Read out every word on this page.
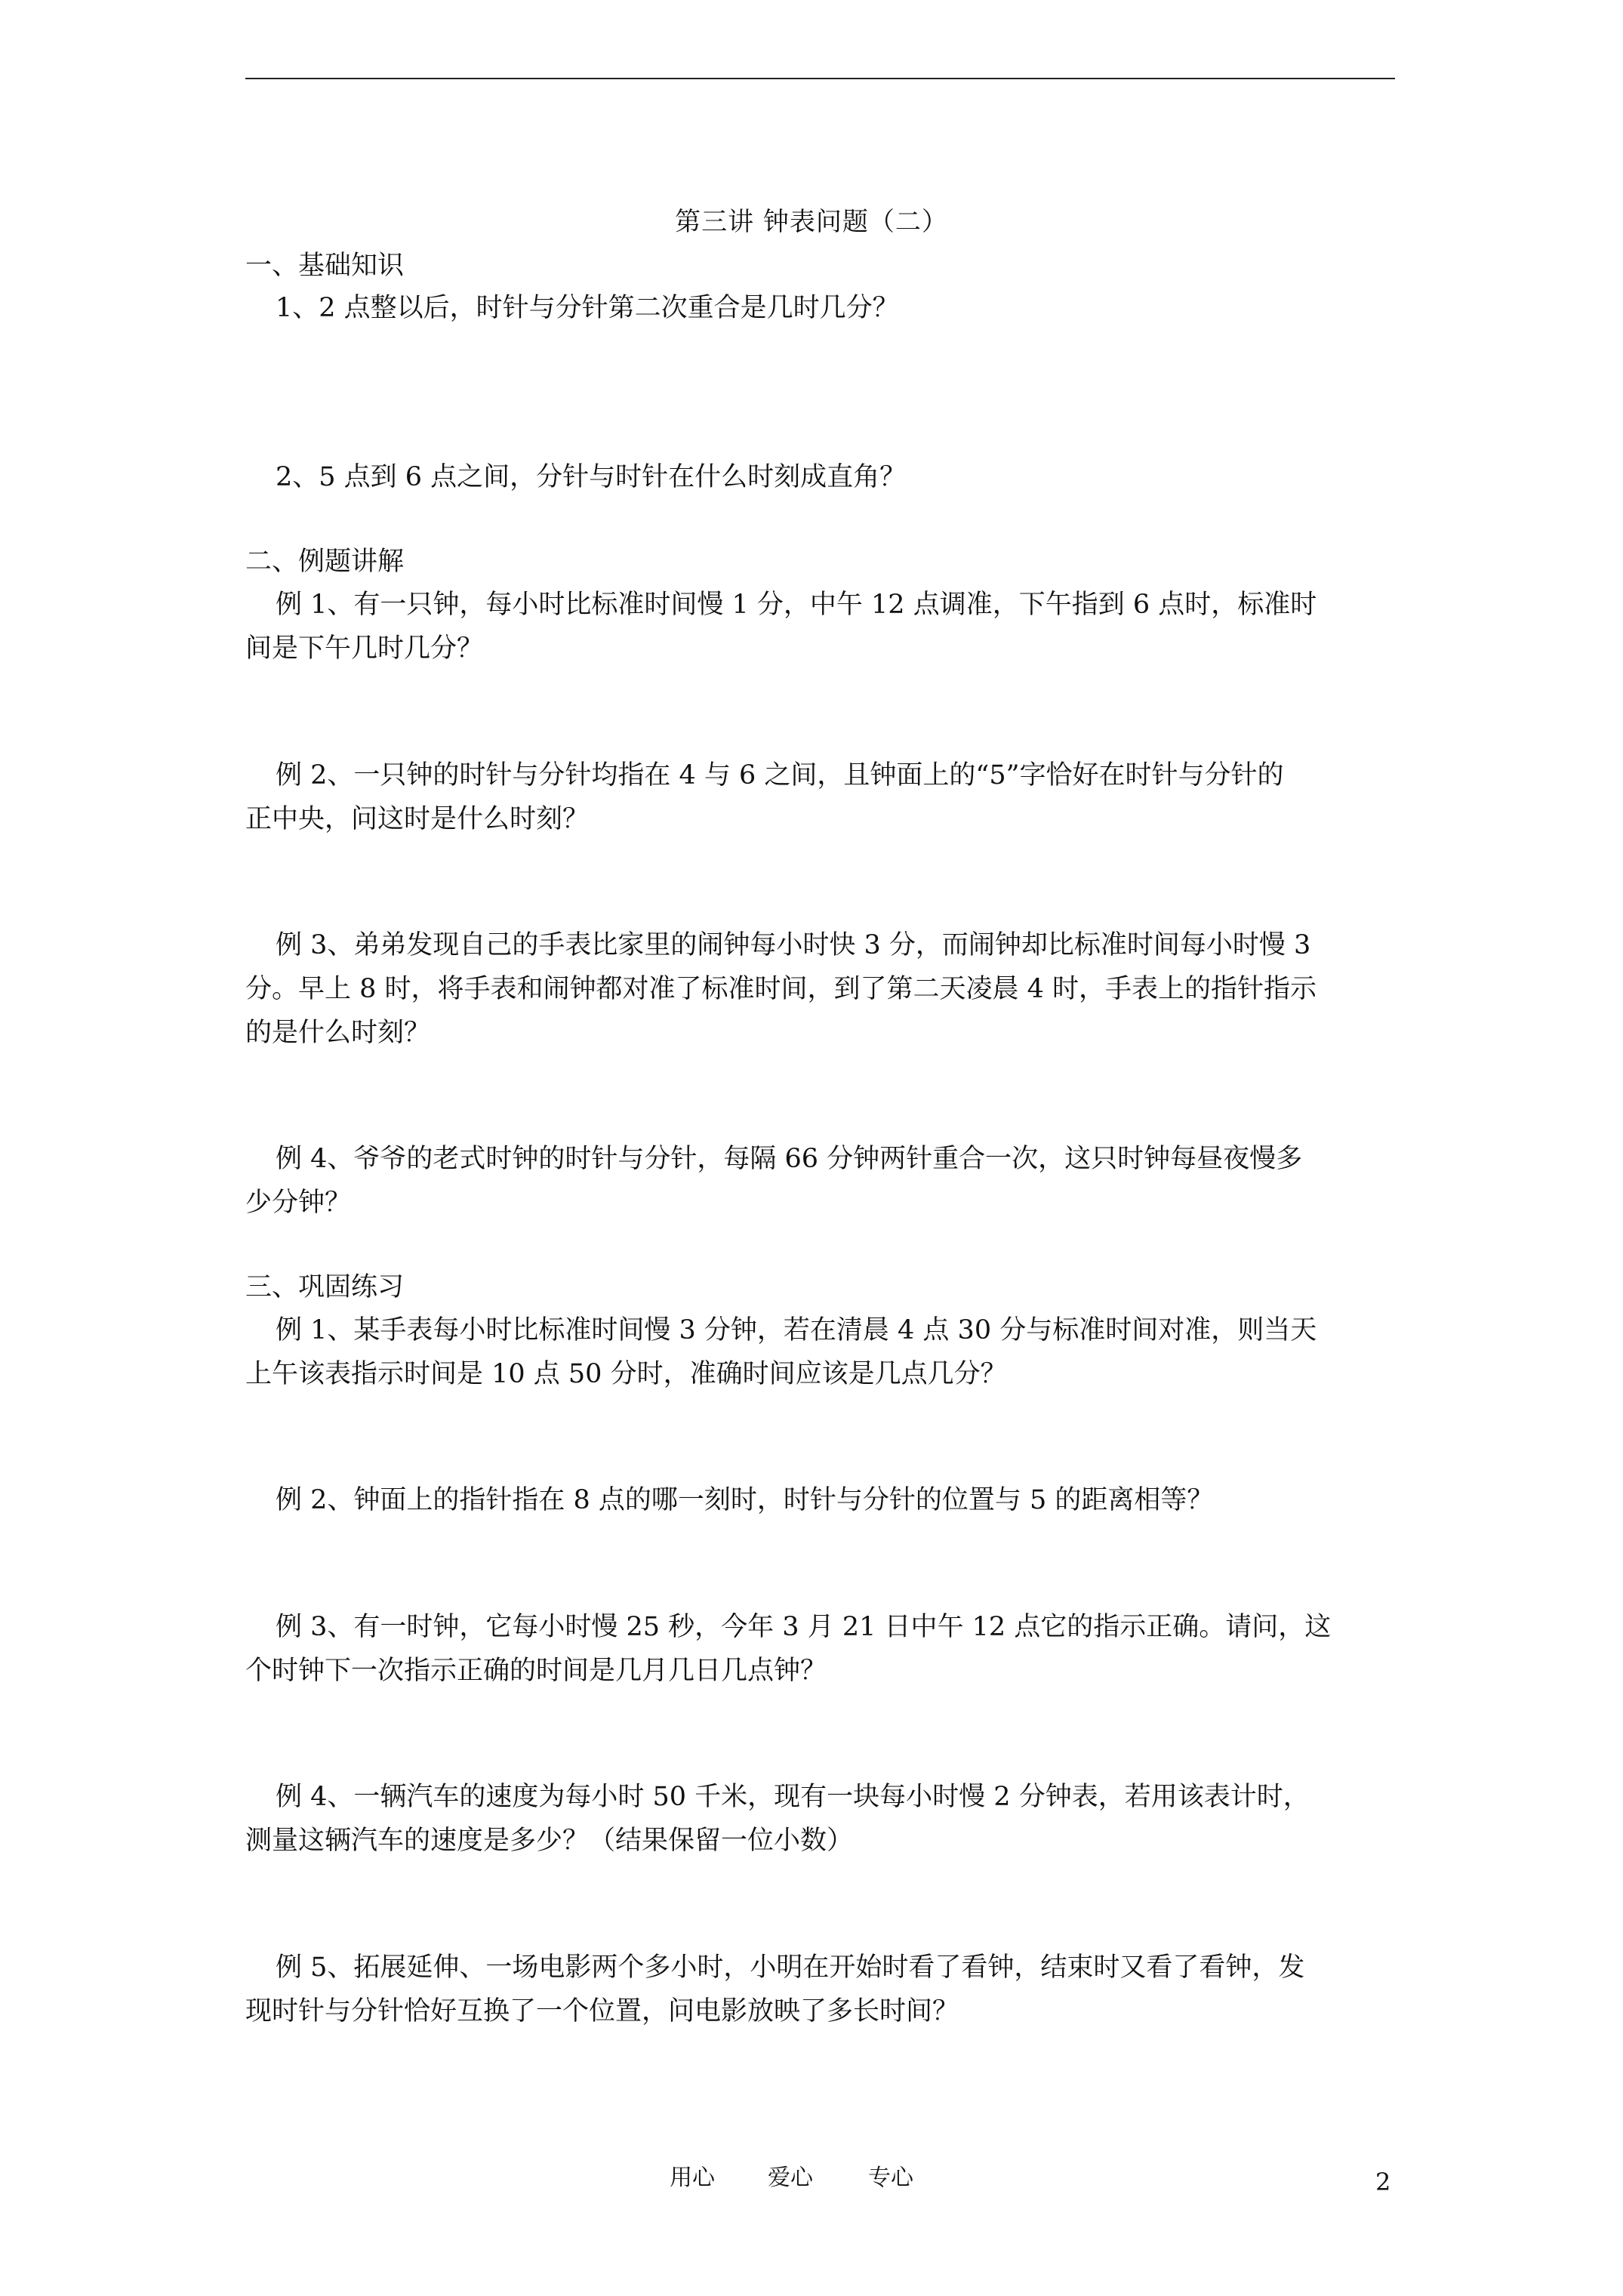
第三讲 钟表问题（二）
一、基础知识
1、2 点整以后，时针与分针第二次重合是几时几分？
2、5 点到 6 点之间，分针与时针在什么时刻成直角？
二、例题讲解
例 1、有一只钟，每小时比标准时间慢 1 分，中午 12 点调准，下午指到 6 点时，标准时
间是下午几时几分？
例 2、一只钟的时针与分针均指在 4 与 6 之间，且钟面上的“5”字恰好在时针与分针的
正中央，问这时是什么时刻？
例 3、弟弟发现自己的手表比家里的闹钟每小时快 3 分，而闹钟却比标准时间每小时慢 3
分。早上 8 时，将手表和闹钟都对准了标准时间，到了第二天凌晨 4 时，手表上的指针指示
的是什么时刻？
例 4、爷爷的老式时钟的时针与分针，每隔 66 分钟两针重合一次，这只时钟每昼夜慢多
少分钟？
三、巩固练习
例 1、某手表每小时比标准时间慢 3 分钟，若在清晨 4 点 30 分与标准时间对准，则当天
上午该表指示时间是 10 点 50 分时，准确时间应该是几点几分？
例 2、钟面上的指针指在 8 点的哪一刻时，时针与分针的位置与 5 的距离相等？
例 3、有一时钟，它每小时慢 25 秒，今年 3 月 21 日中午 12 点它的指示正确。请问，这
个时钟下一次指示正确的时间是几月几日几点钟？
例 4、一辆汽车的速度为每小时 50 千米，现有一块每小时慢 2 分钟表，若用该表计时，
测量这辆汽车的速度是多少？（结果保留一位小数）
例 5、拓展延伸、一场电影两个多小时，小明在开始时看了看钟，结束时又看了看钟，发
现时针与分针恰好互换了一个位置，问电影放映了多长时间？
用心 爱心 专心	2
